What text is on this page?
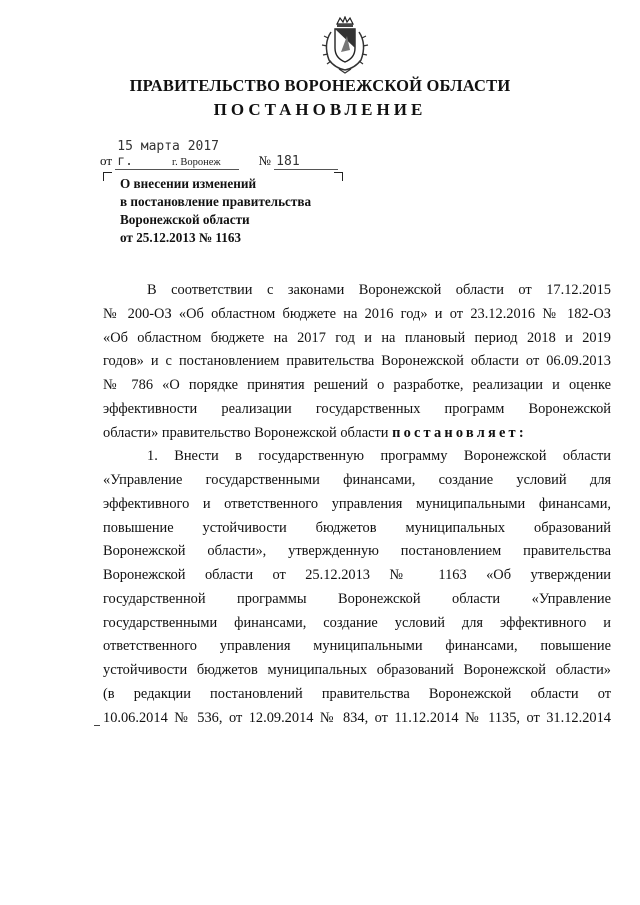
ПРАВИТЕЛЬСТВО ВОРОНЕЖСКОЙ ОБЛАСТИ
ПОСТАНОВЛЕНИЕ
от 15 марта 2017 г.	№ 181
г. Воронеж
О внесении изменений
в постановление правительства
Воронежской области
от 25.12.2013 № 1163
В соответствии с законами Воронежской области от 17.12.2015
№ 200-ОЗ «Об областном бюджете на 2016 год» и от 23.12.2016 № 182-ОЗ
«Об областном бюджете на 2017 год и на плановый период 2018 и 2019
годов» и с постановлением правительства Воронежской области от 06.09.2013
№ 786 «О порядке принятия решений о разработке, реализации и оценке
эффективности реализации государственных программ Воронежской
области» правительство Воронежской области постановляет:
1. Внести в государственную программу Воронежской области
«Управление государственными финансами, создание условий для
эффективного и ответственного управления муниципальными финансами,
повышение устойчивости бюджетов муниципальных образований
Воронежской области», утвержденную постановлением правительства
Воронежской области от 25.12.2013 № 1163 «Об утверждении
государственной программы Воронежской области «Управление
государственными финансами, создание условий для эффективного и
ответственного управления муниципальными финансами, повышение
устойчивости бюджетов муниципальных образований Воронежской области»
(в редакции постановлений правительства Воронежской области от
10.06.2014 № 536, от 12.09.2014 № 834, от 11.12.2014 № 1135, от 31.12.2014
